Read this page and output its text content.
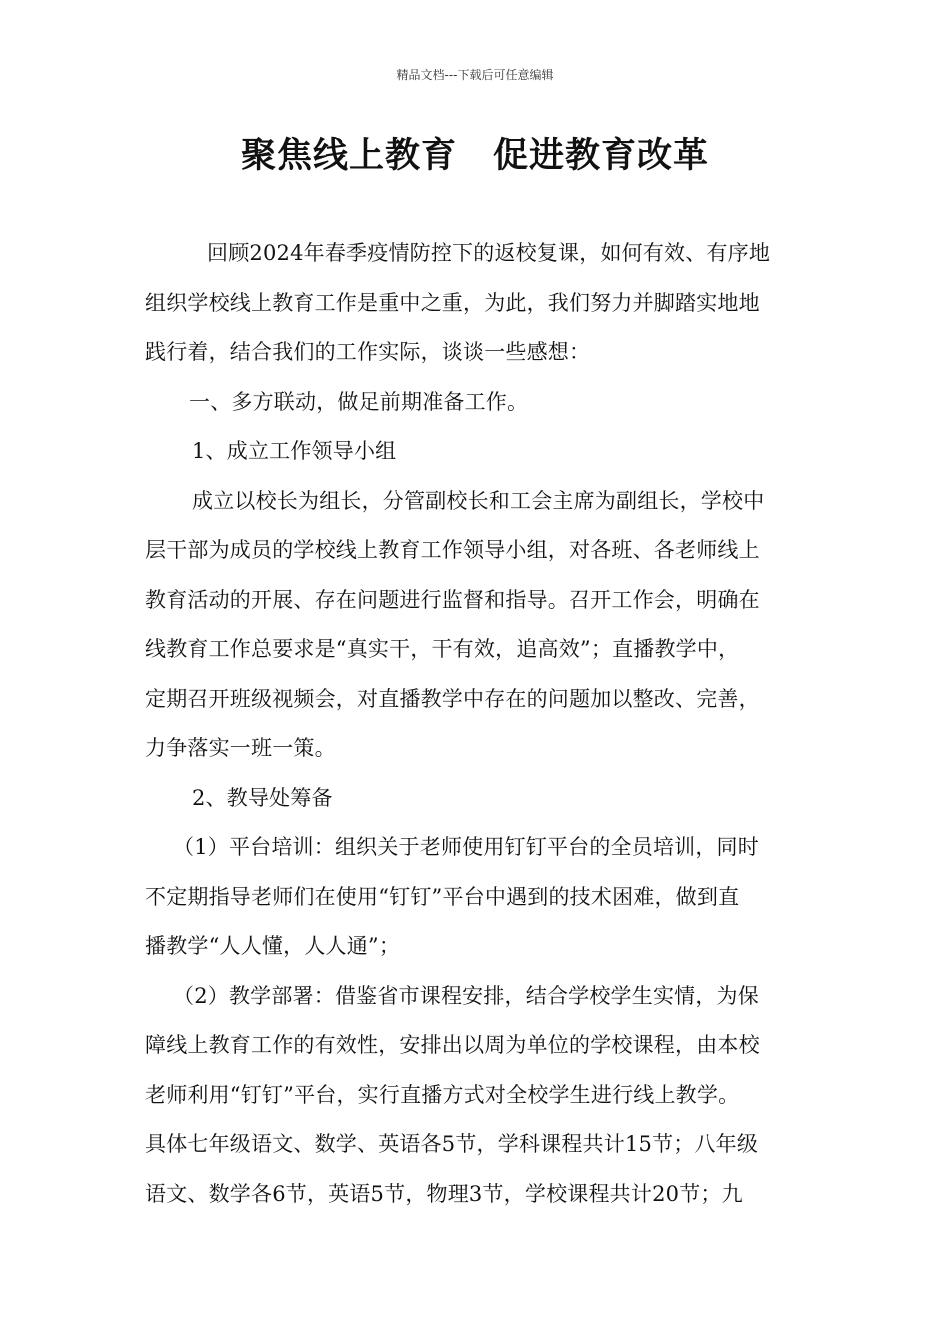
精品文档---下载后可任意编辑
聚焦线上教育　促进教育改革
回顾2024年春季疫情防控下的返校复课，如何有效、有序地
组织学校线上教育工作是重中之重，为此，我们努力并脚踏实地地
践行着，结合我们的工作实际，谈谈一些感想：
一、多方联动，做足前期准备工作。
1、成立工作领导小组
成立以校长为组长，分管副校长和工会主席为副组长，学校中
层干部为成员的学校线上教育工作领导小组，对各班、各老师线上
教育活动的开展、存在问题进行监督和指导。召开工作会，明确在
线教育工作总要求是“真实干，干有效，追高效”；直播教学中，
定期召开班级视频会，对直播教学中存在的问题加以整改、完善，
力争落实一班一策。
2、教导处筹备
（1）平台培训：组织关于老师使用钉钉平台的全员培训，同时
不定期指导老师们在使用“钉钉”平台中遇到的技术困难，做到直
播教学“人人懂，人人通”；
（2）教学部署：借鉴省市课程安排，结合学校学生实情，为保
障线上教育工作的有效性，安排出以周为单位的学校课程，由本校
老师利用“钉钉”平台，实行直播方式对全校学生进行线上教学。
具体七年级语文、数学、英语各5节，学科课程共计15节；八年级
语文、数学各6节，英语5节，物理3节，学校课程共计20节；九
